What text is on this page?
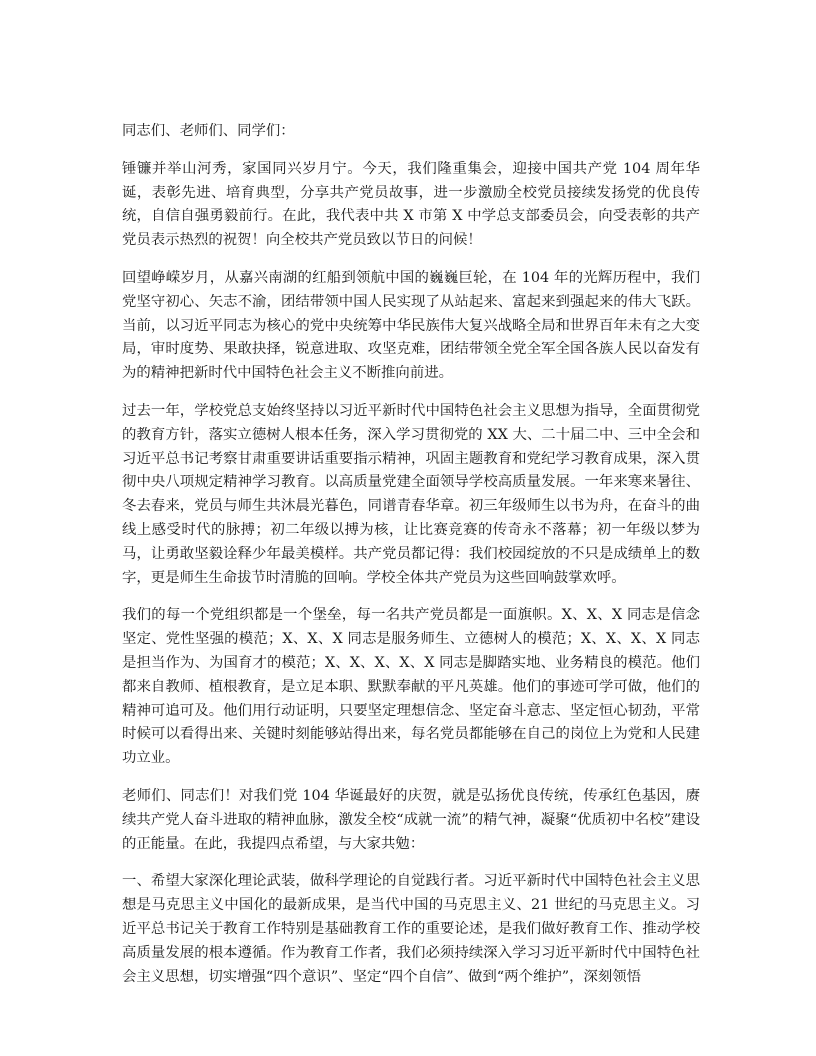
同志们、老师们、同学们：

锤镰并举山河秀，家国同兴岁月宁。今天，我们隆重集会，迎接中国共产党 104 周年华诞，表彰先进、培育典型，分享共产党员故事，进一步激励全校党员接续发扬党的优良传统，自信自强勇毅前行。在此，我代表中共 X 市第 X 中学总支部委员会，向受表彰的共产党员表示热烈的祝贺！向全校共产党员致以节日的问候！

回望峥嵘岁月，从嘉兴南湖的红船到领航中国的巍巍巨轮，在 104 年的光辉历程中，我们党坚守初心、矢志不渝，团结带领中国人民实现了从站起来、富起来到强起来的伟大飞跃。当前，以习近平同志为核心的党中央统筹中华民族伟大复兴战略全局和世界百年未有之大变局，审时度势、果敢抉择，锐意进取、攻坚克难，团结带领全党全军全国各族人民以奋发有为的精神把新时代中国特色社会主义不断推向前进。

过去一年，学校党总支始终坚持以习近平新时代中国特色社会主义思想为指导，全面贯彻党的教育方针，落实立德树人根本任务，深入学习贯彻党的 XX 大、二十届二中、三中全会和习近平总书记考察甘肃重要讲话重要指示精神，巩固主题教育和党纪学习教育成果，深入贯彻中央八项规定精神学习教育。以高质量党建全面领导学校高质量发展。一年来寒来暑往、冬去春来，党员与师生共沐晨光暮色，同谱青春华章。初三年级师生以书为舟，在奋斗的曲线上感受时代的脉搏；初二年级以搏为核，让比赛竞赛的传奇永不落幕；初一年级以梦为马，让勇敢坚毅诠释少年最美模样。共产党员都记得：我们校园绽放的不只是成绩单上的数字，更是师生生命拔节时清脆的回响。学校全体共产党员为这些回响鼓掌欢呼。

我们的每一个党组织都是一个堡垒，每一名共产党员都是一面旗帜。X、X、X 同志是信念坚定、党性坚强的模范；X、X、X 同志是服务师生、立德树人的模范；X、X、X、X 同志是担当作为、为国育才的模范；X、X、X、X、X 同志是脚踏实地、业务精良的模范。他们都来自教师、植根教育，是立足本职、默默奉献的平凡英雄。他们的事迹可学可做，他们的精神可追可及。他们用行动证明，只要坚定理想信念、坚定奋斗意志、坚定恒心韧劲，平常时候可以看得出来、关键时刻能够站得出来，每名党员都能够在自己的岗位上为党和人民建功立业。

老师们、同志们！对我们党 104 华诞最好的庆贺，就是弘扬优良传统，传承红色基因，赓续共产党人奋斗进取的精神血脉，激发全校“成就一流”的精气神，凝聚“优质初中名校”建设的正能量。在此，我提四点希望，与大家共勉：

一、希望大家深化理论武装，做科学理论的自觉践行者。习近平新时代中国特色社会主义思想是马克思主义中国化的最新成果，是当代中国的马克思主义、21 世纪的马克思主义。习近平总书记关于教育工作特别是基础教育工作的重要论述，是我们做好教育工作、推动学校高质量发展的根本遵循。作为教育工作者，我们必须持续深入学习习近平新时代中国特色社会主义思想，切实增强“四个意识”、坚定“四个自信”、做到“两个维护”，深刻领悟
